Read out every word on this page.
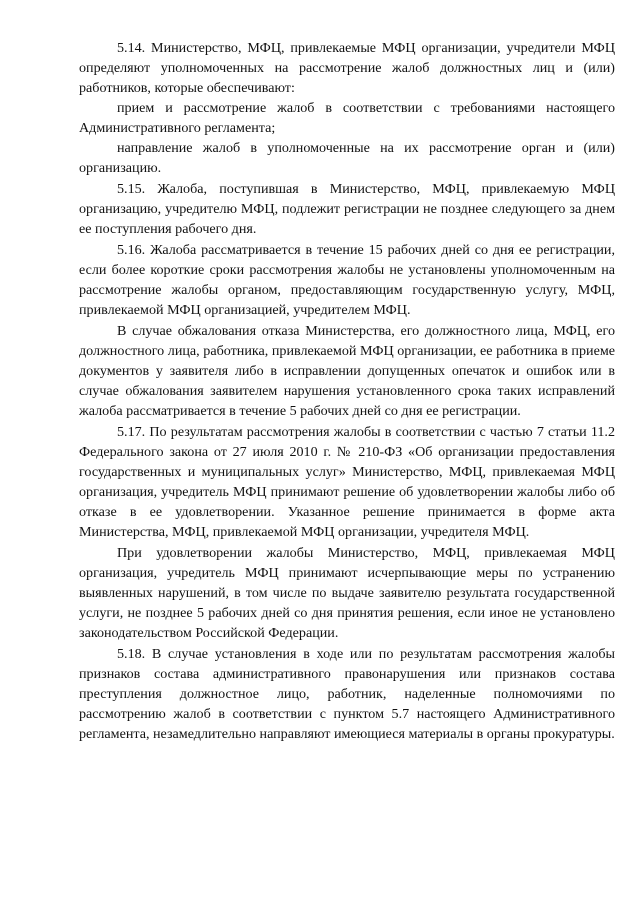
5.14. Министерство, МФЦ, привлекаемые МФЦ организации, учредители МФЦ определяют уполномоченных на рассмотрение жалоб должностных лиц и (или) работников, которые обеспечивают:

прием и рассмотрение жалоб в соответствии с требованиями настоящего Административного регламента;

направление жалоб в уполномоченные на их рассмотрение орган и (или) организацию.

5.15. Жалоба, поступившая в Министерство, МФЦ, привлекаемую МФЦ организацию, учредителю МФЦ, подлежит регистрации не позднее следующего за днем ее поступления рабочего дня.

5.16. Жалоба рассматривается в течение 15 рабочих дней со дня ее регистрации, если более короткие сроки рассмотрения жалобы не установлены уполномоченным на рассмотрение жалобы органом, предоставляющим государственную услугу, МФЦ, привлекаемой МФЦ организацией, учредителем МФЦ.

В случае обжалования отказа Министерства, его должностного лица, МФЦ, его должностного лица, работника, привлекаемой МФЦ организации, ее работника в приеме документов у заявителя либо в исправлении допущенных опечаток и ошибок или в случае обжалования заявителем нарушения установленного срока таких исправлений жалоба рассматривается в течение 5 рабочих дней со дня ее регистрации.

5.17. По результатам рассмотрения жалобы в соответствии с частью 7 статьи 11.2 Федерального закона от 27 июля 2010 г. № 210-ФЗ «Об организации предоставления государственных и муниципальных услуг» Министерство, МФЦ, привлекаемая МФЦ организация, учредитель МФЦ принимают решение об удовлетворении жалобы либо об отказе в ее удовлетворении. Указанное решение принимается в форме акта Министерства, МФЦ, привлекаемой МФЦ организации, учредителя МФЦ.

При удовлетворении жалобы Министерство, МФЦ, привлекаемая МФЦ организация, учредитель МФЦ принимают исчерпывающие меры по устранению выявленных нарушений, в том числе по выдаче заявителю результата государственной услуги, не позднее 5 рабочих дней со дня принятия решения, если иное не установлено законодательством Российской Федерации.

5.18. В случае установления в ходе или по результатам рассмотрения жалобы признаков состава административного правонарушения или признаков состава преступления должностное лицо, работник, наделенные полномочиями по рассмотрению жалоб в соответствии с пунктом 5.7 настоящего Административного регламента, незамедлительно направляют имеющиеся материалы в органы прокуратуры.
